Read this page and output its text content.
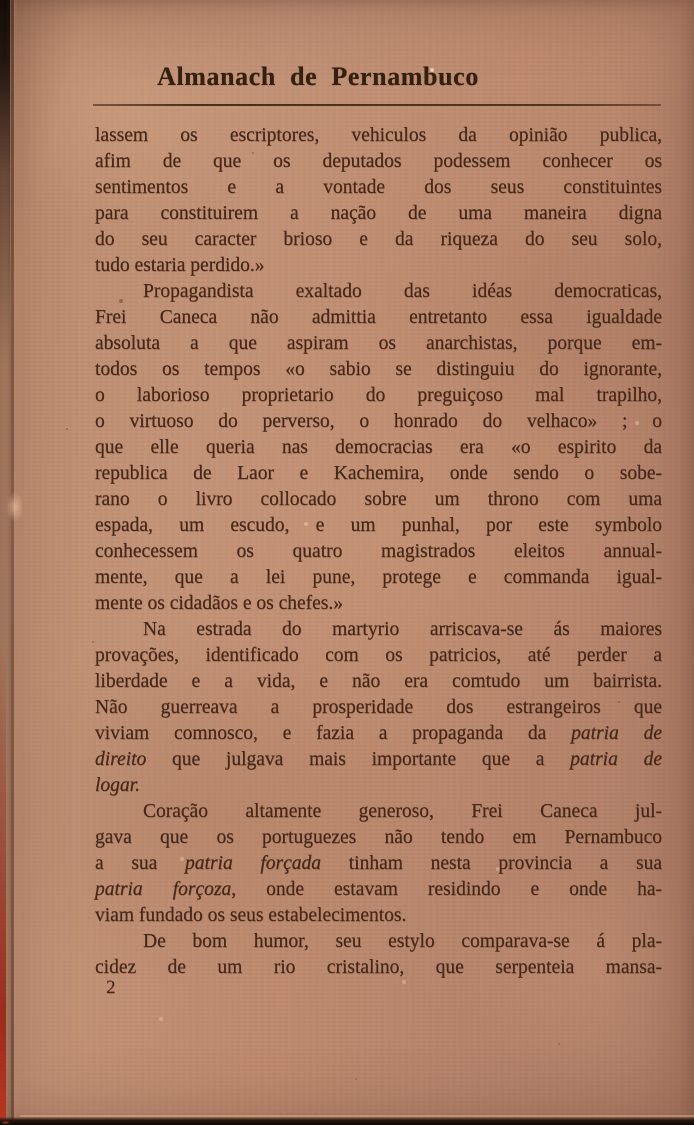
Almanach de Pernambuco
lassem os escriptores, vehiculos da opinião publica,
afim de que os deputados podessem conhecer os
sentimentos e a vontade dos seus constituintes
para constituirem a nação de uma maneira digna
do seu caracter brioso e da riqueza do seu solo,
tudo estaria perdido.»
Propagandista exaltado das idéas democraticas,
Frei Caneca não admittia entretanto essa igualdade
absoluta a que aspiram os anarchistas, porque em-
todos os tempos «o sabio se distinguiu do ignorante,
o laborioso proprietario do preguiçoso mal trapilho,
o virtuoso do perverso, o honrado do velhaco» ; o
que elle queria nas democracias era «o espirito da
republica de Laor e Kachemira, onde sendo o sobe-
rano o livro collocado sobre um throno com uma
espada, um escudo, e um punhal, por este symbolo
conhecessem os quatro magistrados eleitos annual-
mente, que a lei pune, protege e commanda igual-
mente os cidadãos e os chefes.»
Na estrada do martyrio arriscava-se ás maiores
provações, identificado com os patricios, até perder a
liberdade e a vida, e não era comtudo um bairrista.
Não guerreava a prosperidade dos estrangeiros que
viviam comnosco, e fazia a propaganda da patria de
direito que julgava mais importante que a patria de
logar.
Coração altamente generoso, Frei Caneca jul-
gava que os portuguezes não tendo em Pernambuco
a sua patria forçada tinham nesta provincia a sua
patria forçoza, onde estavam residindo e onde ha-
viam fundado os seus estabelecimentos.
De bom humor, seu estylo comparava-se á pla-
cidez de um rio cristalino, que serpenteia mansa-
2
